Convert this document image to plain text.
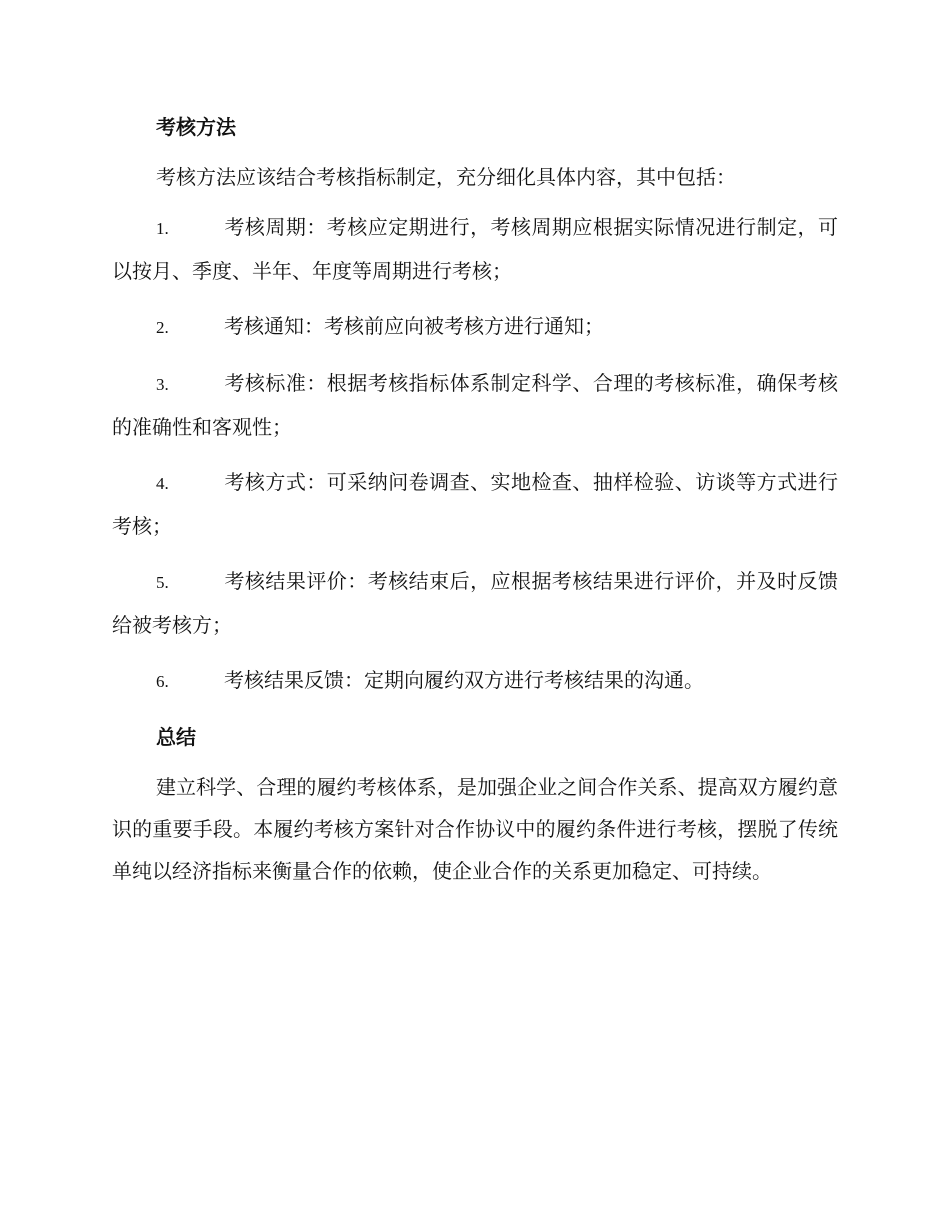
考核方法

考核方法应该结合考核指标制定，充分细化具体内容，其中包括：

1.	考核周期：考核应定期进行，考核周期应根据实际情况进行制定，可以按月、季度、半年、年度等周期进行考核；
2.	考核通知：考核前应向被考核方进行通知；
3.	考核标准：根据考核指标体系制定科学、合理的考核标准，确保考核的准确性和客观性；
4.	考核方式：可采纳问卷调查、实地检查、抽样检验、访谈等方式进行考核；
5.	考核结果评价：考核结束后，应根据考核结果进行评价，并及时反馈给被考核方；
6.	考核结果反馈：定期向履约双方进行考核结果的沟通。
总结

建立科学、合理的履约考核体系，是加强企业之间合作关系、提高双方履约意识的重要手段。本履约考核方案针对合作协议中的履约条件进行考核，摆脱了传统单纯以经济指标来衡量合作的依赖，使企业合作的关系更加稳定、可持续。
